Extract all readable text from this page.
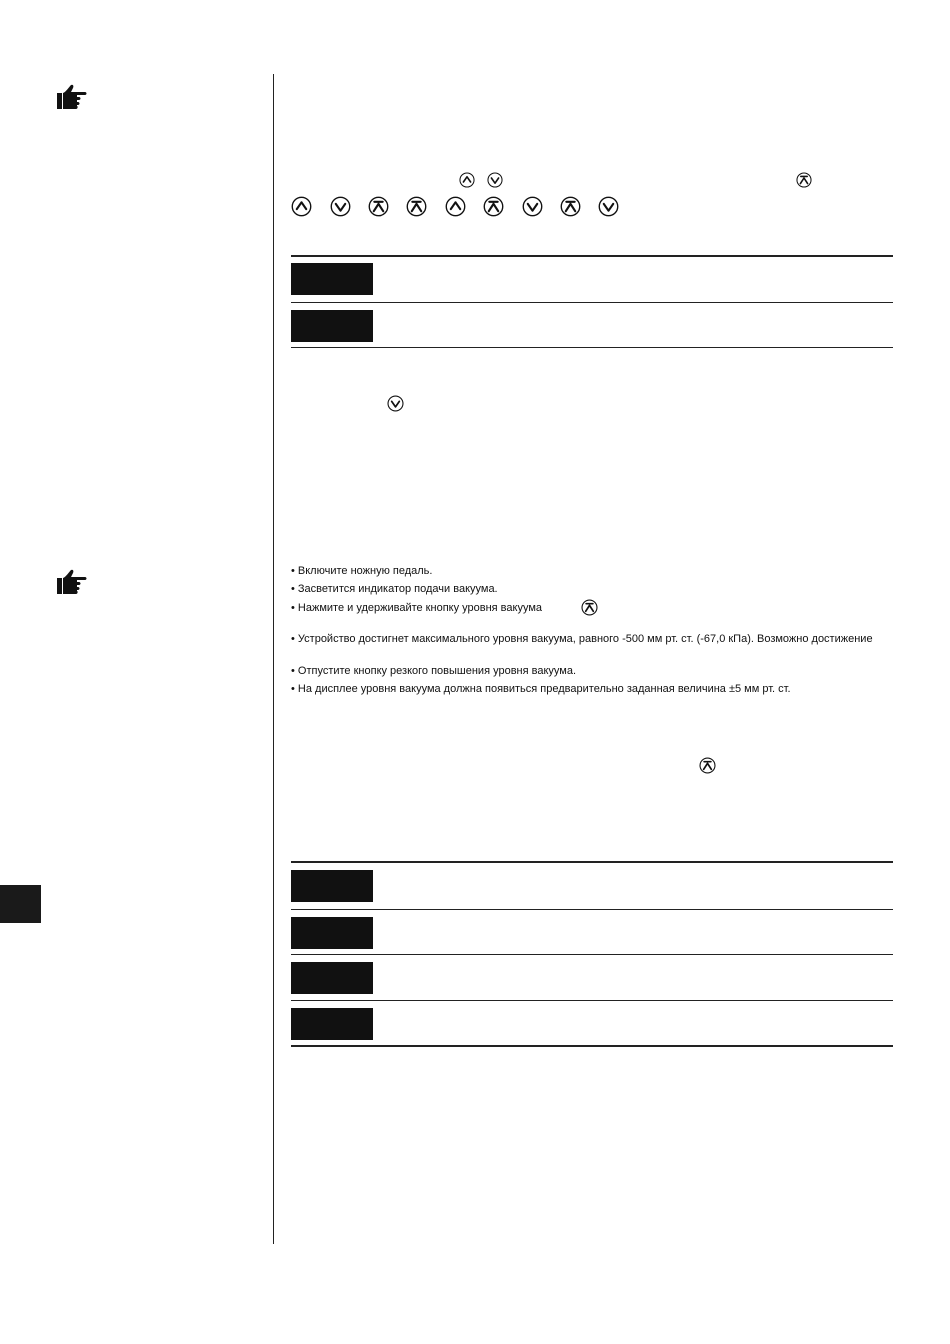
• Включите ножную педаль.
• Засветится индикатор подачи вакуума.
• Нажмите и удерживайте кнопку уровня вакуума
• Устройство достигнет максимального уровня вакуума, равного -500 мм рт. ст. (-67,0 кПа). Возможно достижение
• Отпустите кнопку резкого повышения уровня вакуума.
• На дисплее уровня вакуума должна появиться предварительно заданная величина ±5 мм рт. ст.
